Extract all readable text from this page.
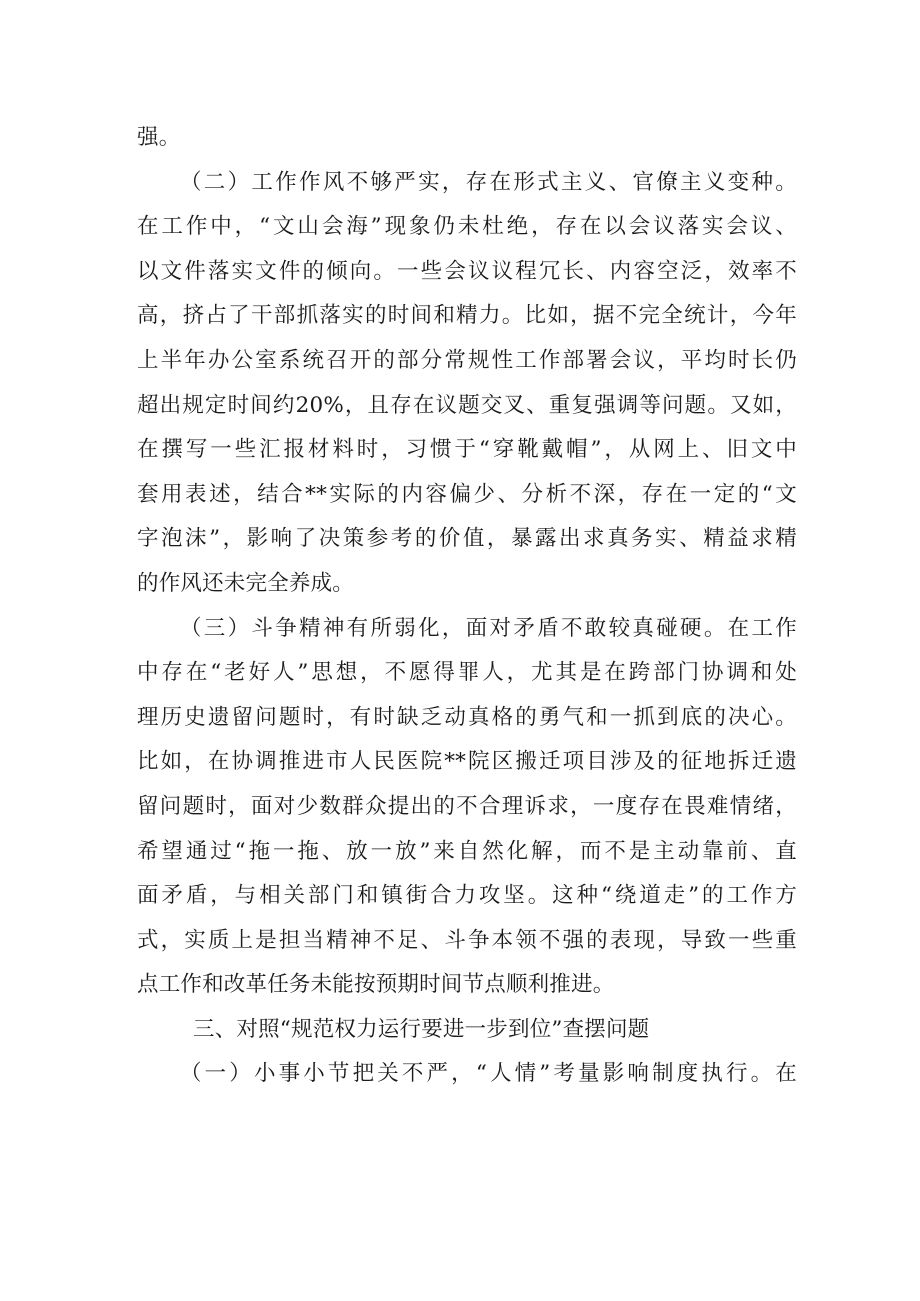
强。
（二）工作作风不够严实，存在形式主义、官僚主义变种。
在工作中，“文山会海”现象仍未杜绝，存在以会议落实会议、
以文件落实文件的倾向。一些会议议程冗长、内容空泛，效率不
高，挤占了干部抓落实的时间和精力。比如，据不完全统计，今年
上半年办公室系统召开的部分常规性工作部署会议，平均时长仍
超出规定时间约20%，且存在议题交叉、重复强调等问题。又如，
在撰写一些汇报材料时，习惯于“穿靴戴帽”，从网上、旧文中
套用表述，结合**实际的内容偏少、分析不深，存在一定的“文
字泡沫”，影响了决策参考的价值，暴露出求真务实、精益求精
的作风还未完全养成。
（三）斗争精神有所弱化，面对矛盾不敢较真碰硬。在工作
中存在“老好人”思想，不愿得罪人，尤其是在跨部门协调和处
理历史遗留问题时，有时缺乏动真格的勇气和一抓到底的决心。
比如，在协调推进市人民医院**院区搬迁项目涉及的征地拆迁遗
留问题时，面对少数群众提出的不合理诉求，一度存在畏难情绪，
希望通过“拖一拖、放一放”来自然化解，而不是主动靠前、直
面矛盾，与相关部门和镇街合力攻坚。这种“绕道走”的工作方
式，实质上是担当精神不足、斗争本领不强的表现，导致一些重
点工作和改革任务未能按预期时间节点顺利推进。
三、对照“规范权力运行要进一步到位”查摆问题
（一）小事小节把关不严，“人情”考量影响制度执行。在
